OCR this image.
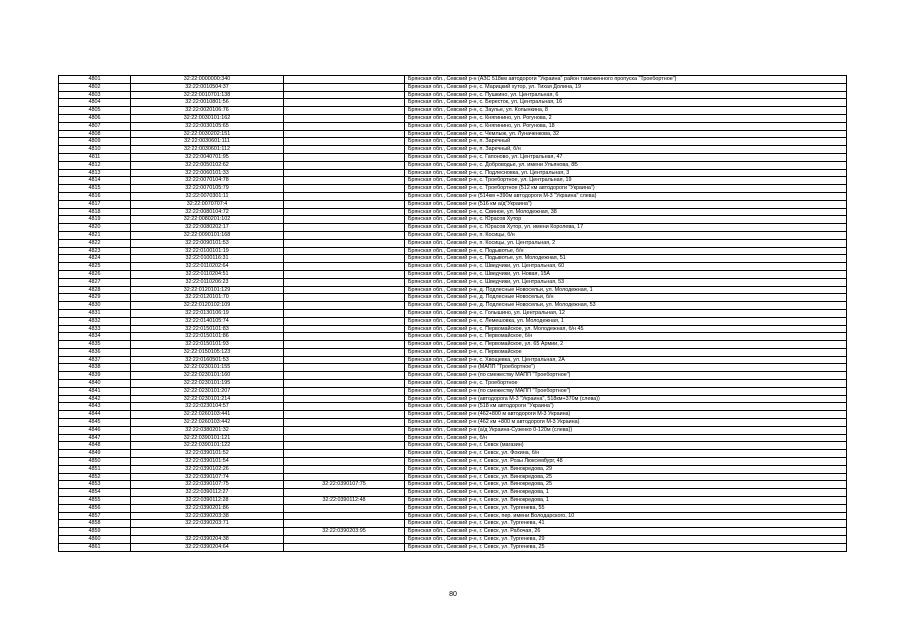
4801	32:22:0000000:340		Брянская обл., Севский р-н (АЗС 518км автодороги "Украина" район таможенного пропуска "Троебортное")
4802	32:22:0010504:37		Брянская обл., Севский р-н, с. Марицкий хутор, ул. Тихая Долина, 19
4803	32:22:0010701:138		Брянская обл., Севский р-н, с. Пушкино, ул. Центральная, 6
4804	32:22:0010801:56		Брянская обл., Севский р-н, с. Бересток, ул. Центральная, 16
4805	32:22:0020106:76		Брянская обл., Севский р-н, с. Заулье, ул. Копынкина, 8
4806	32:22:0030101:162		Брянская обл., Севский р-н, с. Княгинино, ул. Рогунова, 2
4807	32:22:0030105:65		Брянская обл., Севский р-н, с. Княгинино, ул. Рогунова, 18
4808	32:22:0030202:151		Брянская обл., Севский р-н, с. Чемлыж, ул. Луначенкова, 32
4809	32:22:0030601:111		Брянская обл., Севский р-н, п. Заречный
4810	32:22:0030601:112		Брянская обл., Севский р-н, п. Заречный, б/н
4811	32:22:0040701:95		Брянская обл., Севский р-н, с. Гапоново, ул. Центральная, 47
4812	32:22:0050102:62		Брянская обл., Севский р-н, с. Доброводье, ул. имени Ульянова, 8Б
4813	32:22:0060101:33		Брянская обл., Севский р-н, с. Подлесновка, ул. Центральная, 3
4814	32:22:0070104:78		Брянская обл., Севский р-н, с. Троебортное, ул. Центральная, 19
4815	32:22:0070105:79		Брянская обл., Севский р-н, с. Троебортное (512 км автодороги "Украина")
4816	32:22:0070301:11		Брянская обл., Севский р-н (514км +390м автодороги М-3 "Украина" слева)
4817	32:22:0070707:4		Брянская обл., Севский р-н (516 км а/д"Украина")
4818	32:22:0080104:72		Брянская обл., Севский р-н, с. Свиное, ул. Молодежная, 38
4819	32:22:0080201:102		Брянская обл., Севский р-н, с. Юрасов Хутор
4820	32:22:0080202:17		Брянская обл., Севский р-н, с. Юрасов Хутор, ул. имени Королева, 17
4821	32:22:0090101:168		Брянская обл., Севский р-н, п. Косицы, б/н
4822	32:22:0090101:53		Брянская обл., Севский р-н, п. Косицы, ул. Центральная, 2
4823	32:22:0100101:19		Брянская обл., Севский р-н, с. Подывотье, б/н
4824	32:22:0100116:31		Брянская обл., Севский р-н, с. Подывотье, ул. Молодежная, 51
4825	32:22:0110202:64		Брянская обл., Севский р-н, с. Шведчики, ул. Центральная, 60
4826	32:22:0110204:51		Брянская обл., Севский р-н, с. Шведчики, ул. Новая, 15А
4827	32:22:0110206:23		Брянская обл., Севский р-н, с. Шведчики, ул. Центральная, 53
4828	32:22:0120101:129		Брянская обл., Севский р-н, д. Подлесные Новосельи, ул. Молодежная, 1
4829	32:22:0120101:70		Брянская обл., Севский р-н, д. Подлесные Новосельи, б/н
4830	32:22:0120102:109		Брянская обл., Севский р-н, д. Подлесные Новосельи, ул. Молодежная, 53
4831	32:22:0130106:19		Брянская обл., Севский р-н, с. Голышино, ул. Центральная, 12
4832	32:22:0140105:74		Брянская обл., Севский р-н, с. Лемешовка, ул. Молодежная, 1
4833	32:22:0150101:83		Брянская обл., Севский р-н, с. Первомайское, ул. Молодежная, б/н 45
4834	32:22:0150101:86		Брянская обл., Севский р-н, с. Первомайское, б/н
4835	32:22:0150101:93		Брянская обл., Севский р-н, с. Первомайское, ул. 65 Армии, 2
4836	32:22:0150105:123		Брянская обл., Севский р-н, с. Первомайское
4837	32:22:0160501:53		Брянская обл., Севский р-н, с. Хвощевка, ул. Центральная, 2А
4838	32:22:0230101:155		Брянская обл., Севский р-н (МАПП "Троебортное")
4839	32:22:0230101:160		Брянская обл., Севский р-н (по смежеству МАПП "Троебортное")
4840	32:22:0230101:195		Брянская обл., Севский р-н, с. Троебортное
4841	32:22:0230101:207		Брянская обл., Севский р-н (по смежеству МАПП "Троебортное")
4842	32:22:0230101:214		Брянская обл., Севский р-н (автодорога М-3 "Украина", 518км+370м (слева))
4843	32:22:0230104:57		Брянская обл., Севский р-н (518 км автодороги "Украина")
4844	32:22:0260103:441		Брянская обл., Севский р-н (462+800 м автодороги М-3 Украина)
4845	32:22:0260103:442		Брянская обл., Севский р-н (462 км +800 м автодороги М-3 Украина)
4846	32:22:0380201:32		Брянская обл., Севский р-н (а/д Украина-Сузенко 0-120м (слева))
4847	32:22:0390101:121		Брянская обл., Севский р-н, б/н
4848	32:22:0390101:122		Брянская обл., Севский р-н, г. Севск (магазин)
4849	32:22:0390101:52		Брянская обл., Севский р-н, г. Севск, ул. Фокина, б/н
4850	32:22:0390101:54		Брянская обл., Севский р-н, г. Севск, ул. Розы Люксембург, 48
4851	32:22:0390102:26		Брянская обл., Севский р-н, г. Севск, ул. Винокредова, 29
4852	32:22:0390107:74		Брянская обл., Севский р-н, г. Севск, ул. Винокредова, 25
4853	32:22:0390107:75	32:22:0390107:75	Брянская обл., Севский р-н, г. Севск, ул. Винокредова, 25
4854	32:22:0390112:27		Брянская обл., Севский р-н, г. Севск, ул. Винокредова, 1
4855	32:22:0390112:28	32:22:0390112:48	Брянская обл., Севский р-н, г. Севск, ул. Винокредова, 1
4856	32:22:0390201:86		Брянская обл., Севский р-н, г. Севск, ул. Тургенева, 55
4857	32:22:0390203:38		Брянская обл., Севский р-н, г. Севск, пер. имени Володарского, 10
4858	32:22:0390203:71		Брянская обл., Севский р-н, г. Севск, ул. Тургенева, 41
4859		32:22:0390203:95	Брянская обл., Севский р-н, г. Севск, ул. Рабочая, 26
4860	32:22:0390204:38		Брянская обл., Севский р-н, г. Севск, ул. Тургенева, 29
4861	32:22:0390204:64		Брянская обл., Севский р-н, г. Севск, ул. Тургенева, 25
80
